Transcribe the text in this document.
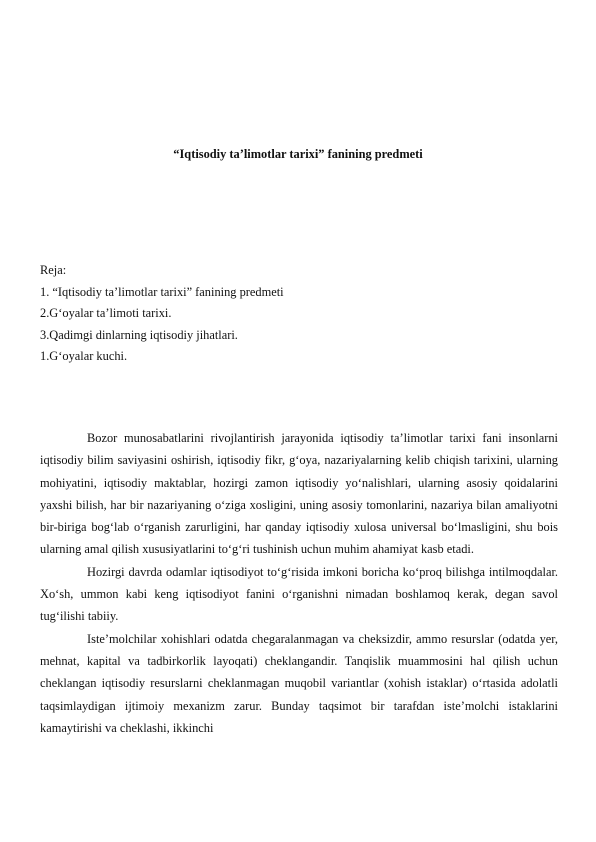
“Iqtisodiy ta’limotlar tarixi” fanining predmeti
Reja:
1. “Iqtisodiy ta’limotlar tarixi” fanining predmeti
2.G‘oyalar ta’limoti tarixi.
3.Qadimgi dinlarning iqtisodiy jihatlari.
1.G‘oyalar kuchi.

Bozor munosabatlarini rivojlantirish jarayonida iqtisodiy ta’limotlar tarixi fani insonlarni iqtisodiy bilim saviyasini oshirish, iqtisodiy fikr, g‘oya, nazariyalarning kelib chiqish tarixini, ularning mohiyatini, iqtisodiy maktablar, hozirgi zamon iqtisodiy yo‘nalishlari, ularning asosiy qoidalarini yaxshi bilish, har bir nazariyaning o‘ziga xosligini, uning asosiy tomonlarini, nazariya bilan amaliyotni bir-biriga bog‘lab o‘rganish zarurligini, har qanday iqtisodiy xulosa universal bo‘lmasligini, shu bois ularning amal qilish xususiyatlarini to‘g‘ri tushinish uchun muhim ahamiyat kasb etadi.

Hozirgi davrda odamlar iqtisodiyot to‘g‘risida imkoni boricha ko‘proq bilishga intilmoqdalar. Xo‘sh, ummon kabi keng iqtisodiyot fanini o‘rganishni nimadan boshlamoq kerak, degan savol tug‘ilishi tabiiy.

Iste’molchilar xohishlari odatda chegaralanmagan va cheksizdir, ammo resurslar (odatda yer, mehnat, kapital va tadbirkorlik layoqati) cheklangandir. Tanqislik muammosini hal qilish uchun cheklangan iqtisodiy resurslarni cheklanmagan muqobil variantlar (xohish istaklar) o‘rtasida adolatli taqsimlaydigan ijtimoiy mexanizm zarur. Bunday taqsimot bir tarafdan iste’molchi istaklarini kamaytirishi va cheklashi, ikkinchi
